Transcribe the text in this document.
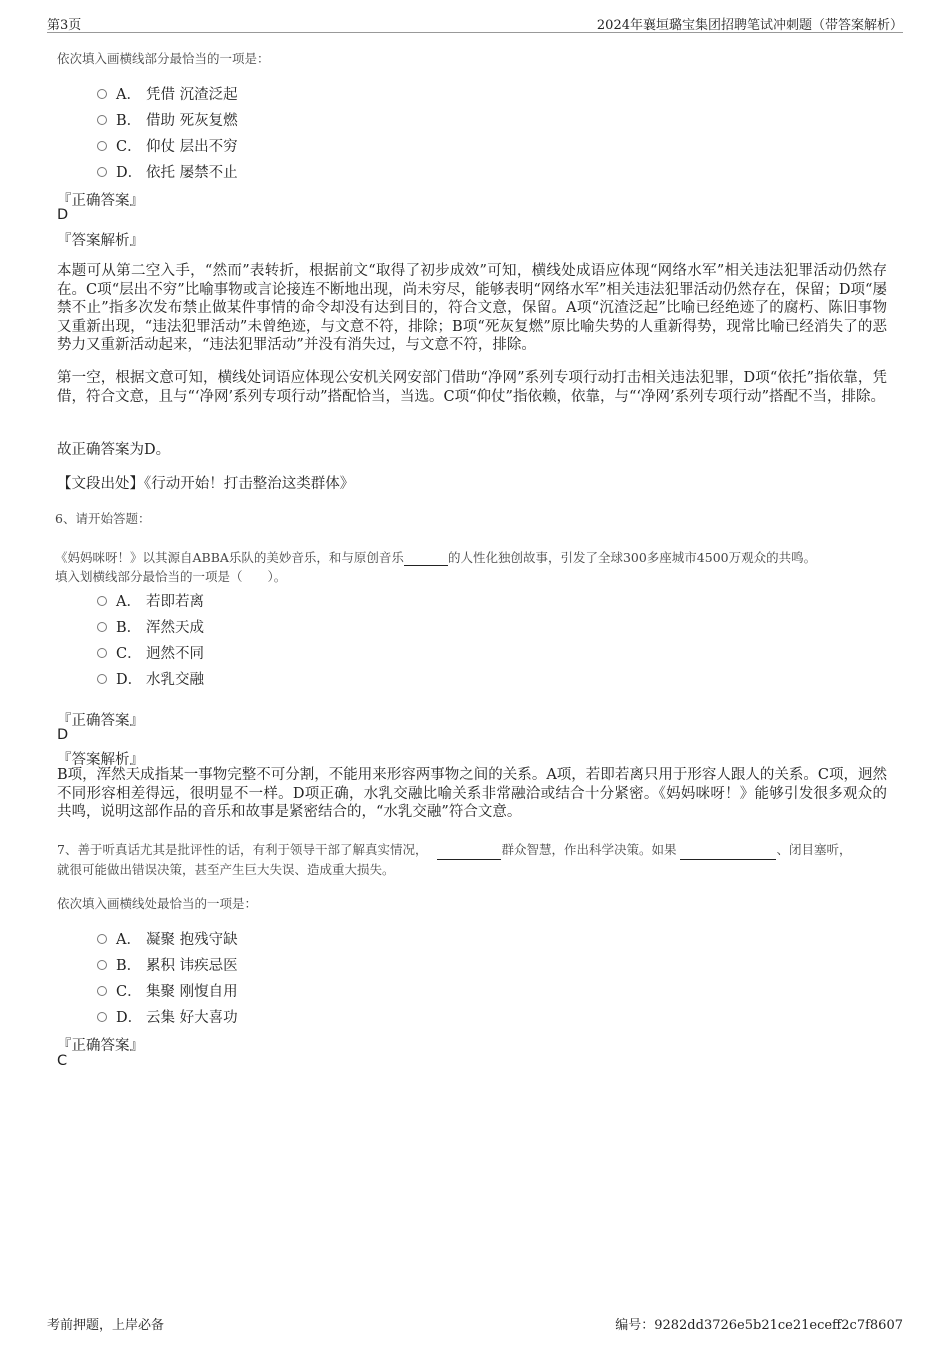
第3页	2024年襄垣璐宝集团招聘笔试冲刺题（带答案解析）
依次填入画横线部分最恰当的一项是：
A． 凭借 沉渣泛起
B． 借助 死灰复燃
C． 仰仗 层出不穷
D． 依托 屡禁不止
『正确答案』
D
『答案解析』
本题可从第二空入手，“然而”表转折，根据前文“取得了初步成效”可知，横线处成语应体现“网络水军”相关违法犯罪活动仍然存在。C项“层出不穷”比喻事物或言论接连不断地出现，尚未穷尽，能够表明“网络水军”相关违法犯罪活动仍然存在，保留；D项“屡禁不止”指多次发布禁止做某件事情的命令却没有达到目的，符合文意，保留。A项“沉渣泛起”比喻已经绝迹了的腐朽、陈旧事物又重新出现，“违法犯罪活动”未曾绝迹，与文意不符，排除；B项“死灰复燃”原比喻失势的人重新得势，现常比喻已经消失了的恶势力又重新活动起来，“违法犯罪活动”并没有消失过，与文意不符，排除。
第一空，根据文意可知，横线处词语应体现公安机关网安部门借助“净网”系列专项行动打击相关违法犯罪，D项“依托”指依靠，凭借，符合文意，且与“‘净网’系列专项行动”搭配恰当，当选。C项“仰仗”指依赖，依靠，与“‘净网’系列专项行动”搭配不当，排除。
故正确答案为D。
【文段出处】《行动开始！打击整治这类群体》
6、请开始答题：
《妈妈咪呀！》以其源自ABBA乐队的美妙音乐，和与原创音乐	的人性化独创故事，引发了全球300多座城市4500万观众的共鸣。
填入划横线部分最恰当的一项是（　　）。
A． 若即若离
B． 浑然天成
C． 迥然不同
D． 水乳交融
『正确答案』
D
『答案解析』
B项，浑然天成指某一事物完整不可分割，不能用来形容两事物之间的关系。A项，若即若离只用于形容人跟人的关系。C项，迥然不同形容相差得远，很明显不一样。D项正确，水乳交融比喻关系非常融洽或结合十分紧密。《妈妈咪呀！》能够引发很多观众的共鸣，说明这部作品的音乐和故事是紧密结合的，“水乳交融”符合文意。
7、善于听真话尤其是批评性的话，有利于领导干部了解真实情况，	群众智慧，作出科学决策。如果	、闭目塞听，
就很可能做出错误决策，甚至产生巨大失误、造成重大损失。
依次填入画横线处最恰当的一项是：
A． 凝聚 抱残守缺
B． 累积 讳疾忌医
C． 集聚 刚愎自用
D． 云集 好大喜功
『正确答案』
C
考前押题，上岸必备	编号：9282dd3726e5b21ce21eceff2c7f8607
